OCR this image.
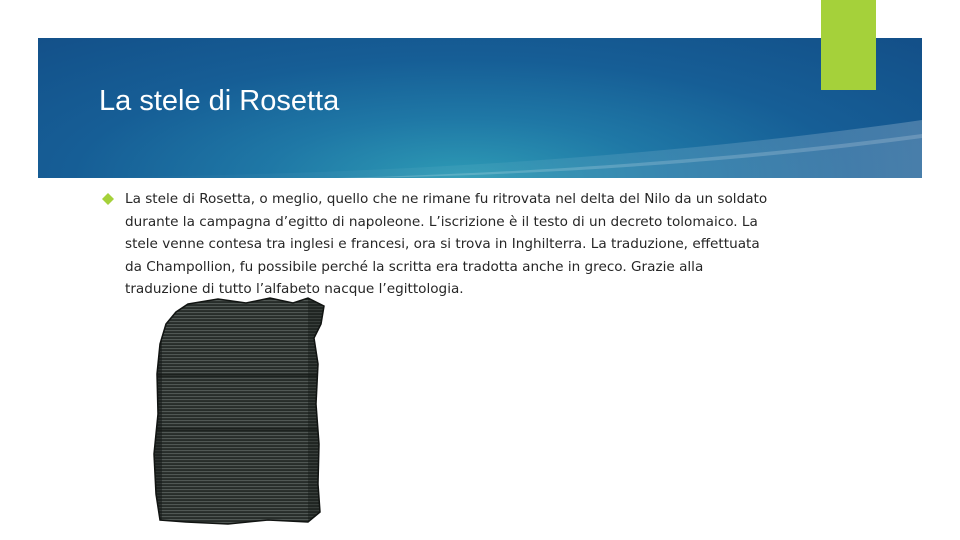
La stele di Rosetta
La stele di Rosetta, o meglio, quello che ne rimane fu ritrovata nel delta del Nilo da un soldato durante la campagna d’egitto di napoleone. L’iscrizione è il testo di un decreto tolomaico. La stele venne contesa tra inglesi e francesi, ora si trova in Inghilterra. La traduzione, effettuata da Champollion, fu possibile perché la scritta era tradotta anche in greco. Grazie alla traduzione di tutto l’alfabeto nacque l’egittologia.
